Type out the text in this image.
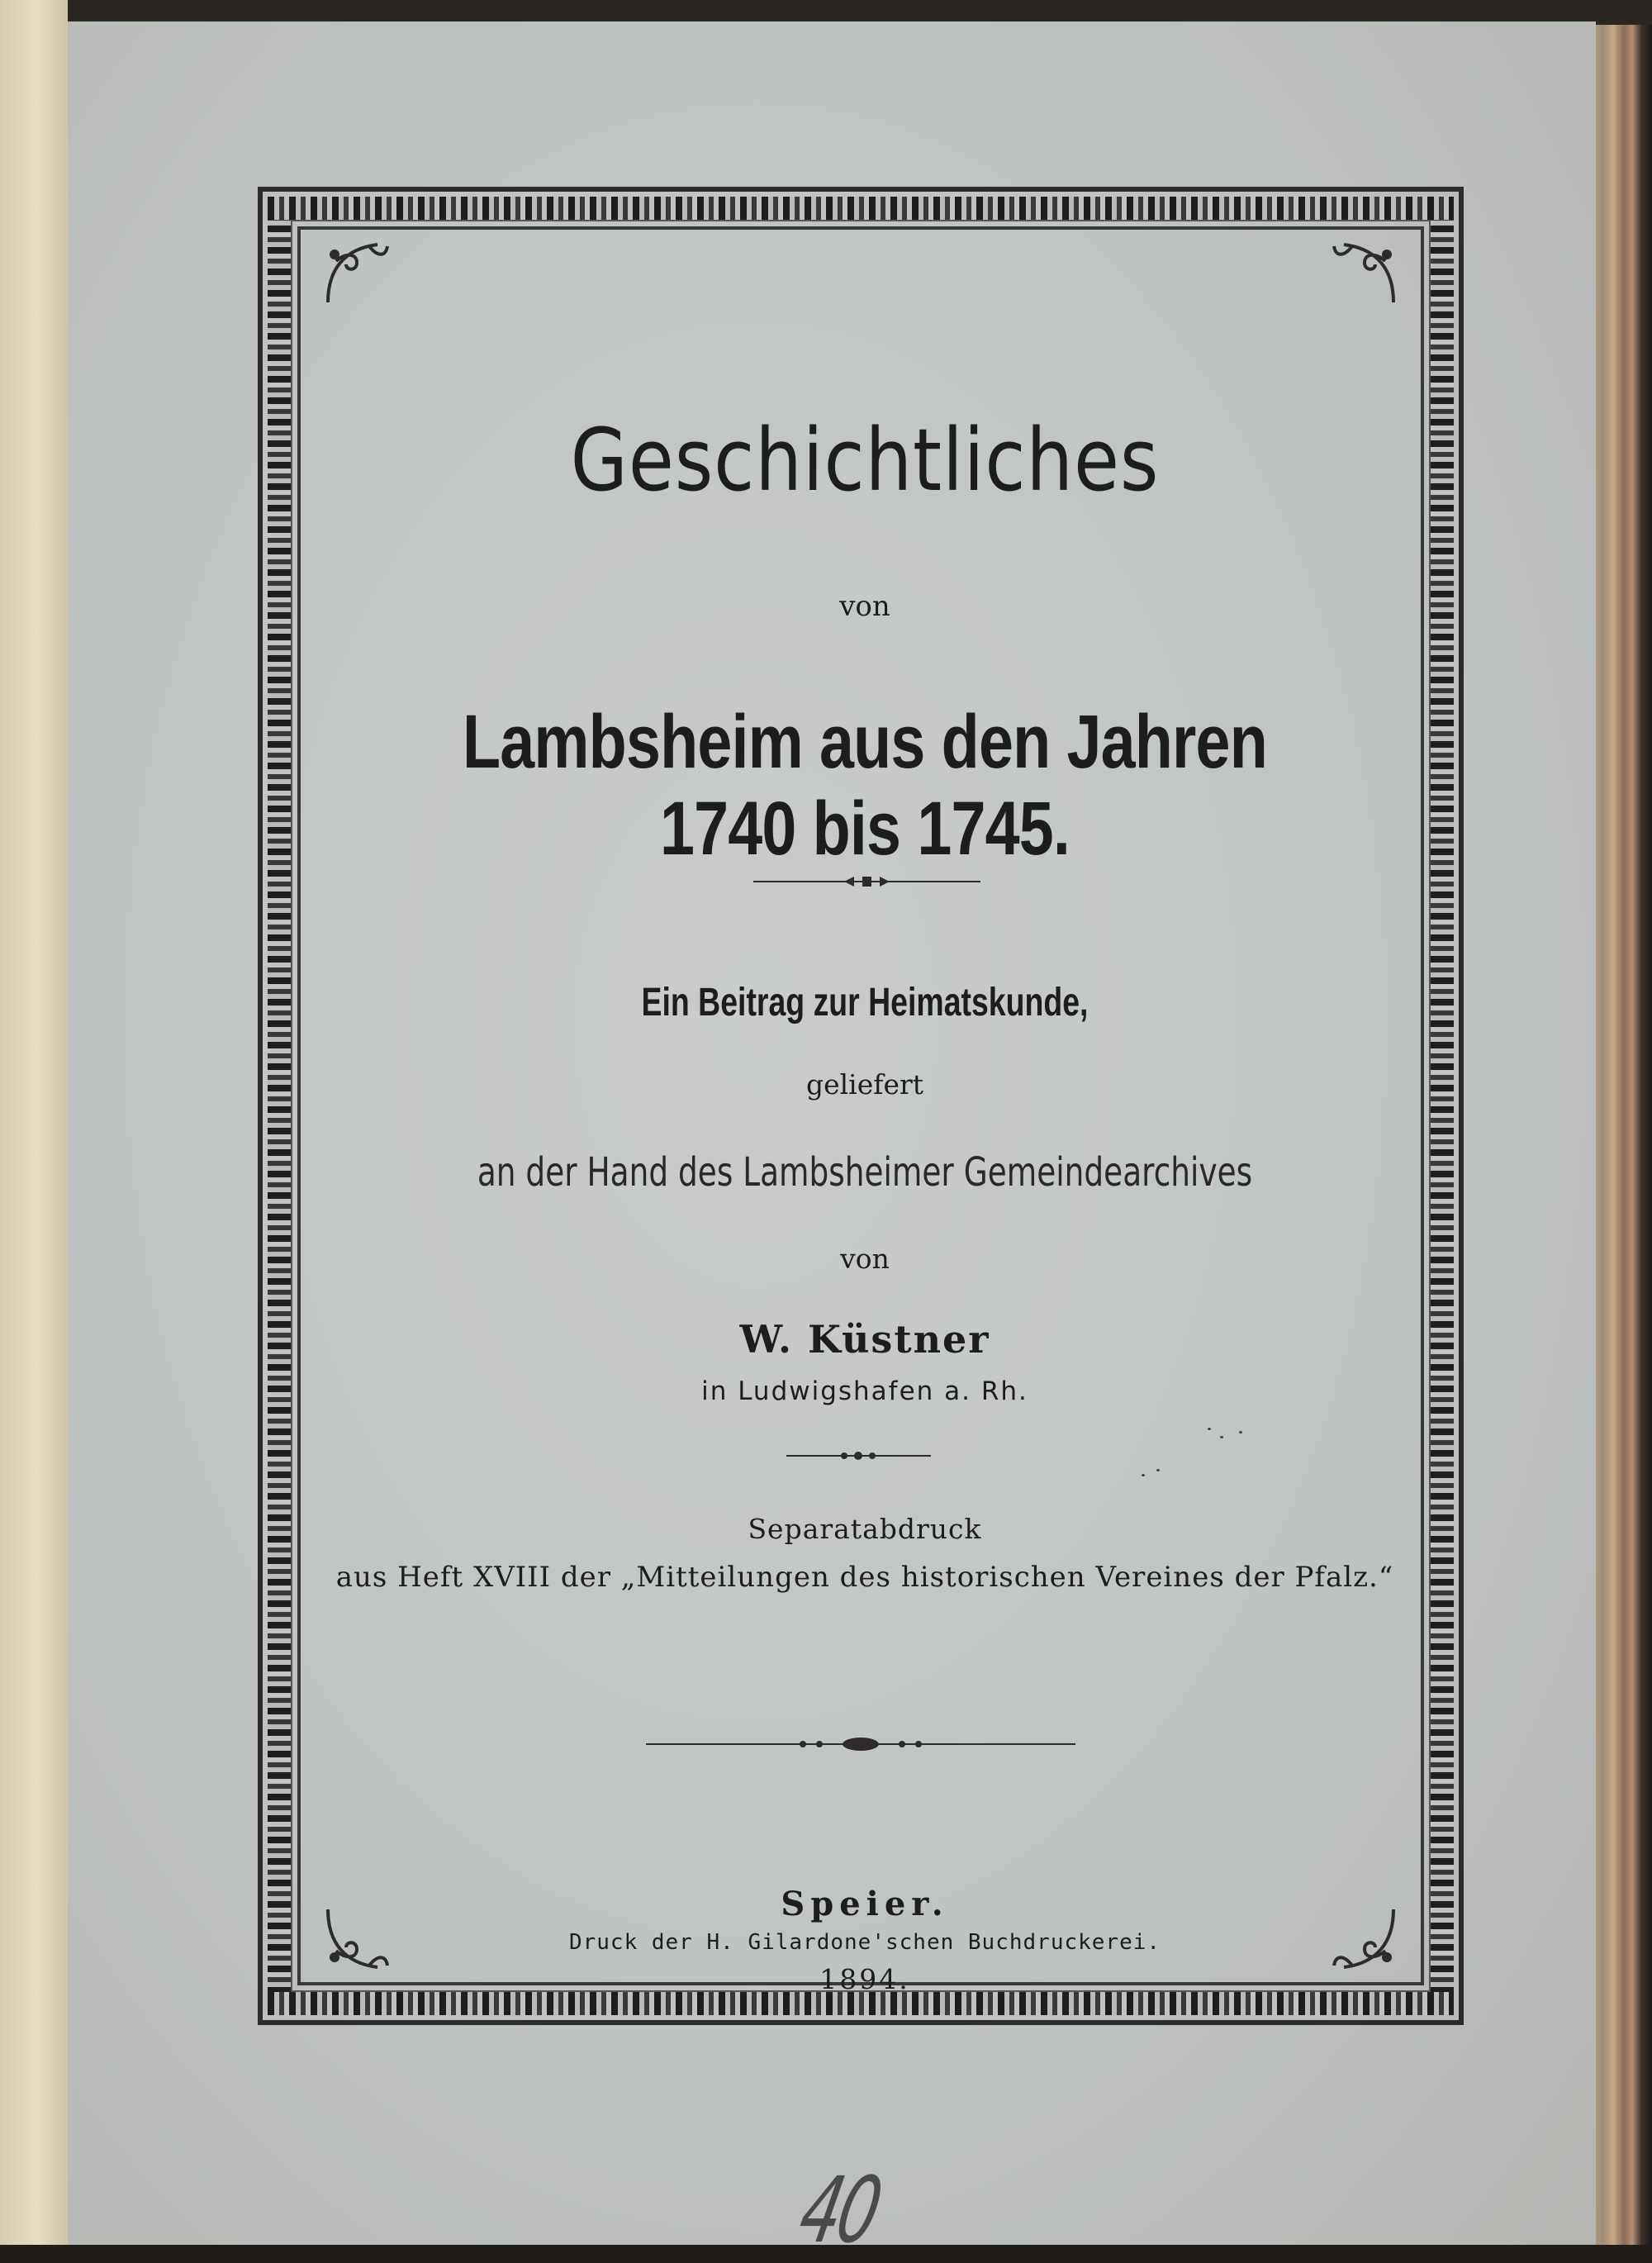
Geschichtliches
von
Lambsheim aus den Jahren 1740 bis 1745.
Ein Beitrag zur Heimatskunde,
geliefert
an der Hand des Lambsheimer Gemeindearchives
von
W. Küstner
in Ludwigshafen a. Rh.
Separatabdruck
aus Heft XVIII der „Mitteilungen des historischen Vereines der Pfalz.“
Speier.
Druck der H. Gilardone'schen Buchdruckerei.
1894.
40
